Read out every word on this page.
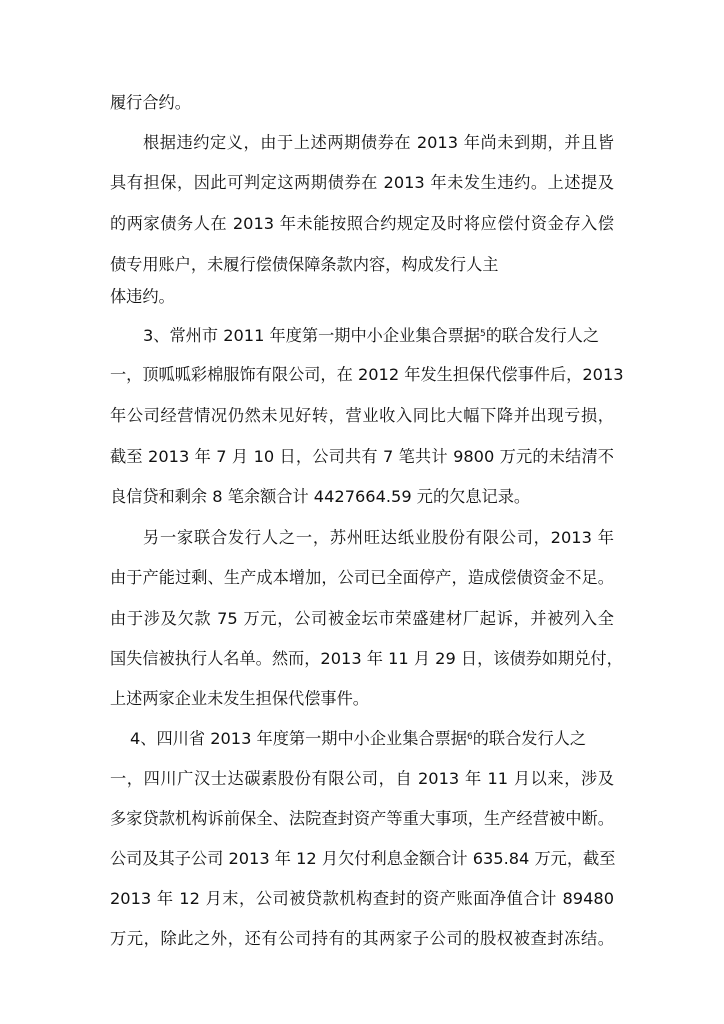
履行合约。
根据违约定义，由于上述两期债券在 2013 年尚未到期，并且皆
具有担保，因此可判定这两期债券在 2013 年未发生违约。上述提及
的两家债务人在 2013 年未能按照合约规定及时将应偿付资金存入偿
债专用账户，未履行偿债保障条款内容，构成发行人主
体违约。
3、常州市 2011 年度第一期中小企业集合票据$^5$的联合发行人之
一，顶呱呱彩棉服饰有限公司，在 2012 年发生担保代偿事件后，2013
年公司经营情况仍然未见好转，营业收入同比大幅下降并出现亏损，
截至 2013 年 7 月 10 日，公司共有 7 笔共计 9800 万元的未结清不
良信贷和剩余 8 笔余额合计 4427664.59 元的欠息记录。
另一家联合发行人之一，苏州旺达纸业股份有限公司，2013 年
由于产能过剩、生产成本增加，公司已全面停产，造成偿债资金不足。
由于涉及欠款 75 万元，公司被金坛市荣盛建材厂起诉，并被列入全
国失信被执行人名单。然而，2013 年 11 月 29 日，该债券如期兑付，
上述两家企业未发生担保代偿事件。
4、四川省 2013 年度第一期中小企业集合票据$^6$的联合发行人之
一，四川广汉士达碳素股份有限公司，自 2013 年 11 月以来，涉及
多家贷款机构诉前保全、法院查封资产等重大事项，生产经营被中断。
公司及其子公司 2013 年 12 月欠付利息金额合计 635.84 万元，截至
2013 年 12 月末，公司被贷款机构查封的资产账面净值合计 89480
万元，除此之外，还有公司持有的其两家子公司的股权被查封冻结。
